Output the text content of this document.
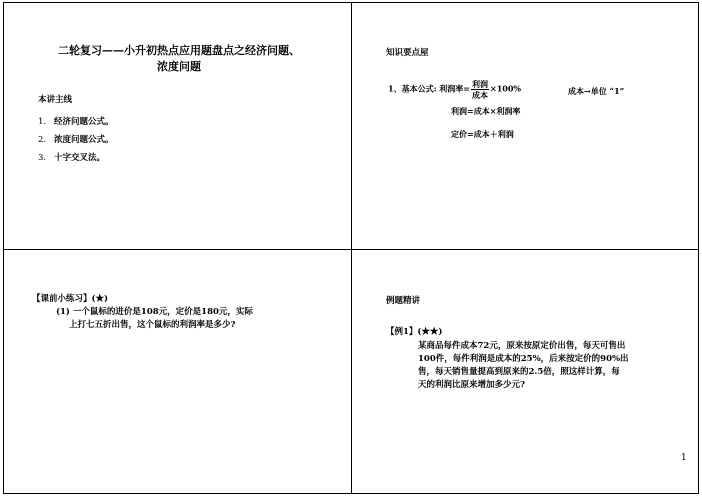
二轮复习——小升初热点应用题盘点之经济问题、
浓度问题
本讲主线
1. 经济问题公式。
2. 浓度问题公式。
3. 十字交叉法。
知识要点屋
1、基本公式: 利润率= $\frac{\text{利润}}{\text{成本}} \times 100\%$	成本→单位 “1”
利润=成本×利润率
定价=成本＋利润
【课前小练习】(★)
(1) 一个鼠标的进价是108元，定价是180元，实际
上打七五折出售，这个鼠标的利润率是多少?
例题精讲
【例1】(★★)
某商品每件成本72元，原来按原定价出售，每天可售出
100件，每件利润是成本的25%，后来按定价的90%出
售，每天销售量提高到原来的2.5倍，照这样计算，每
天的利润比原来增加多少元?
1
